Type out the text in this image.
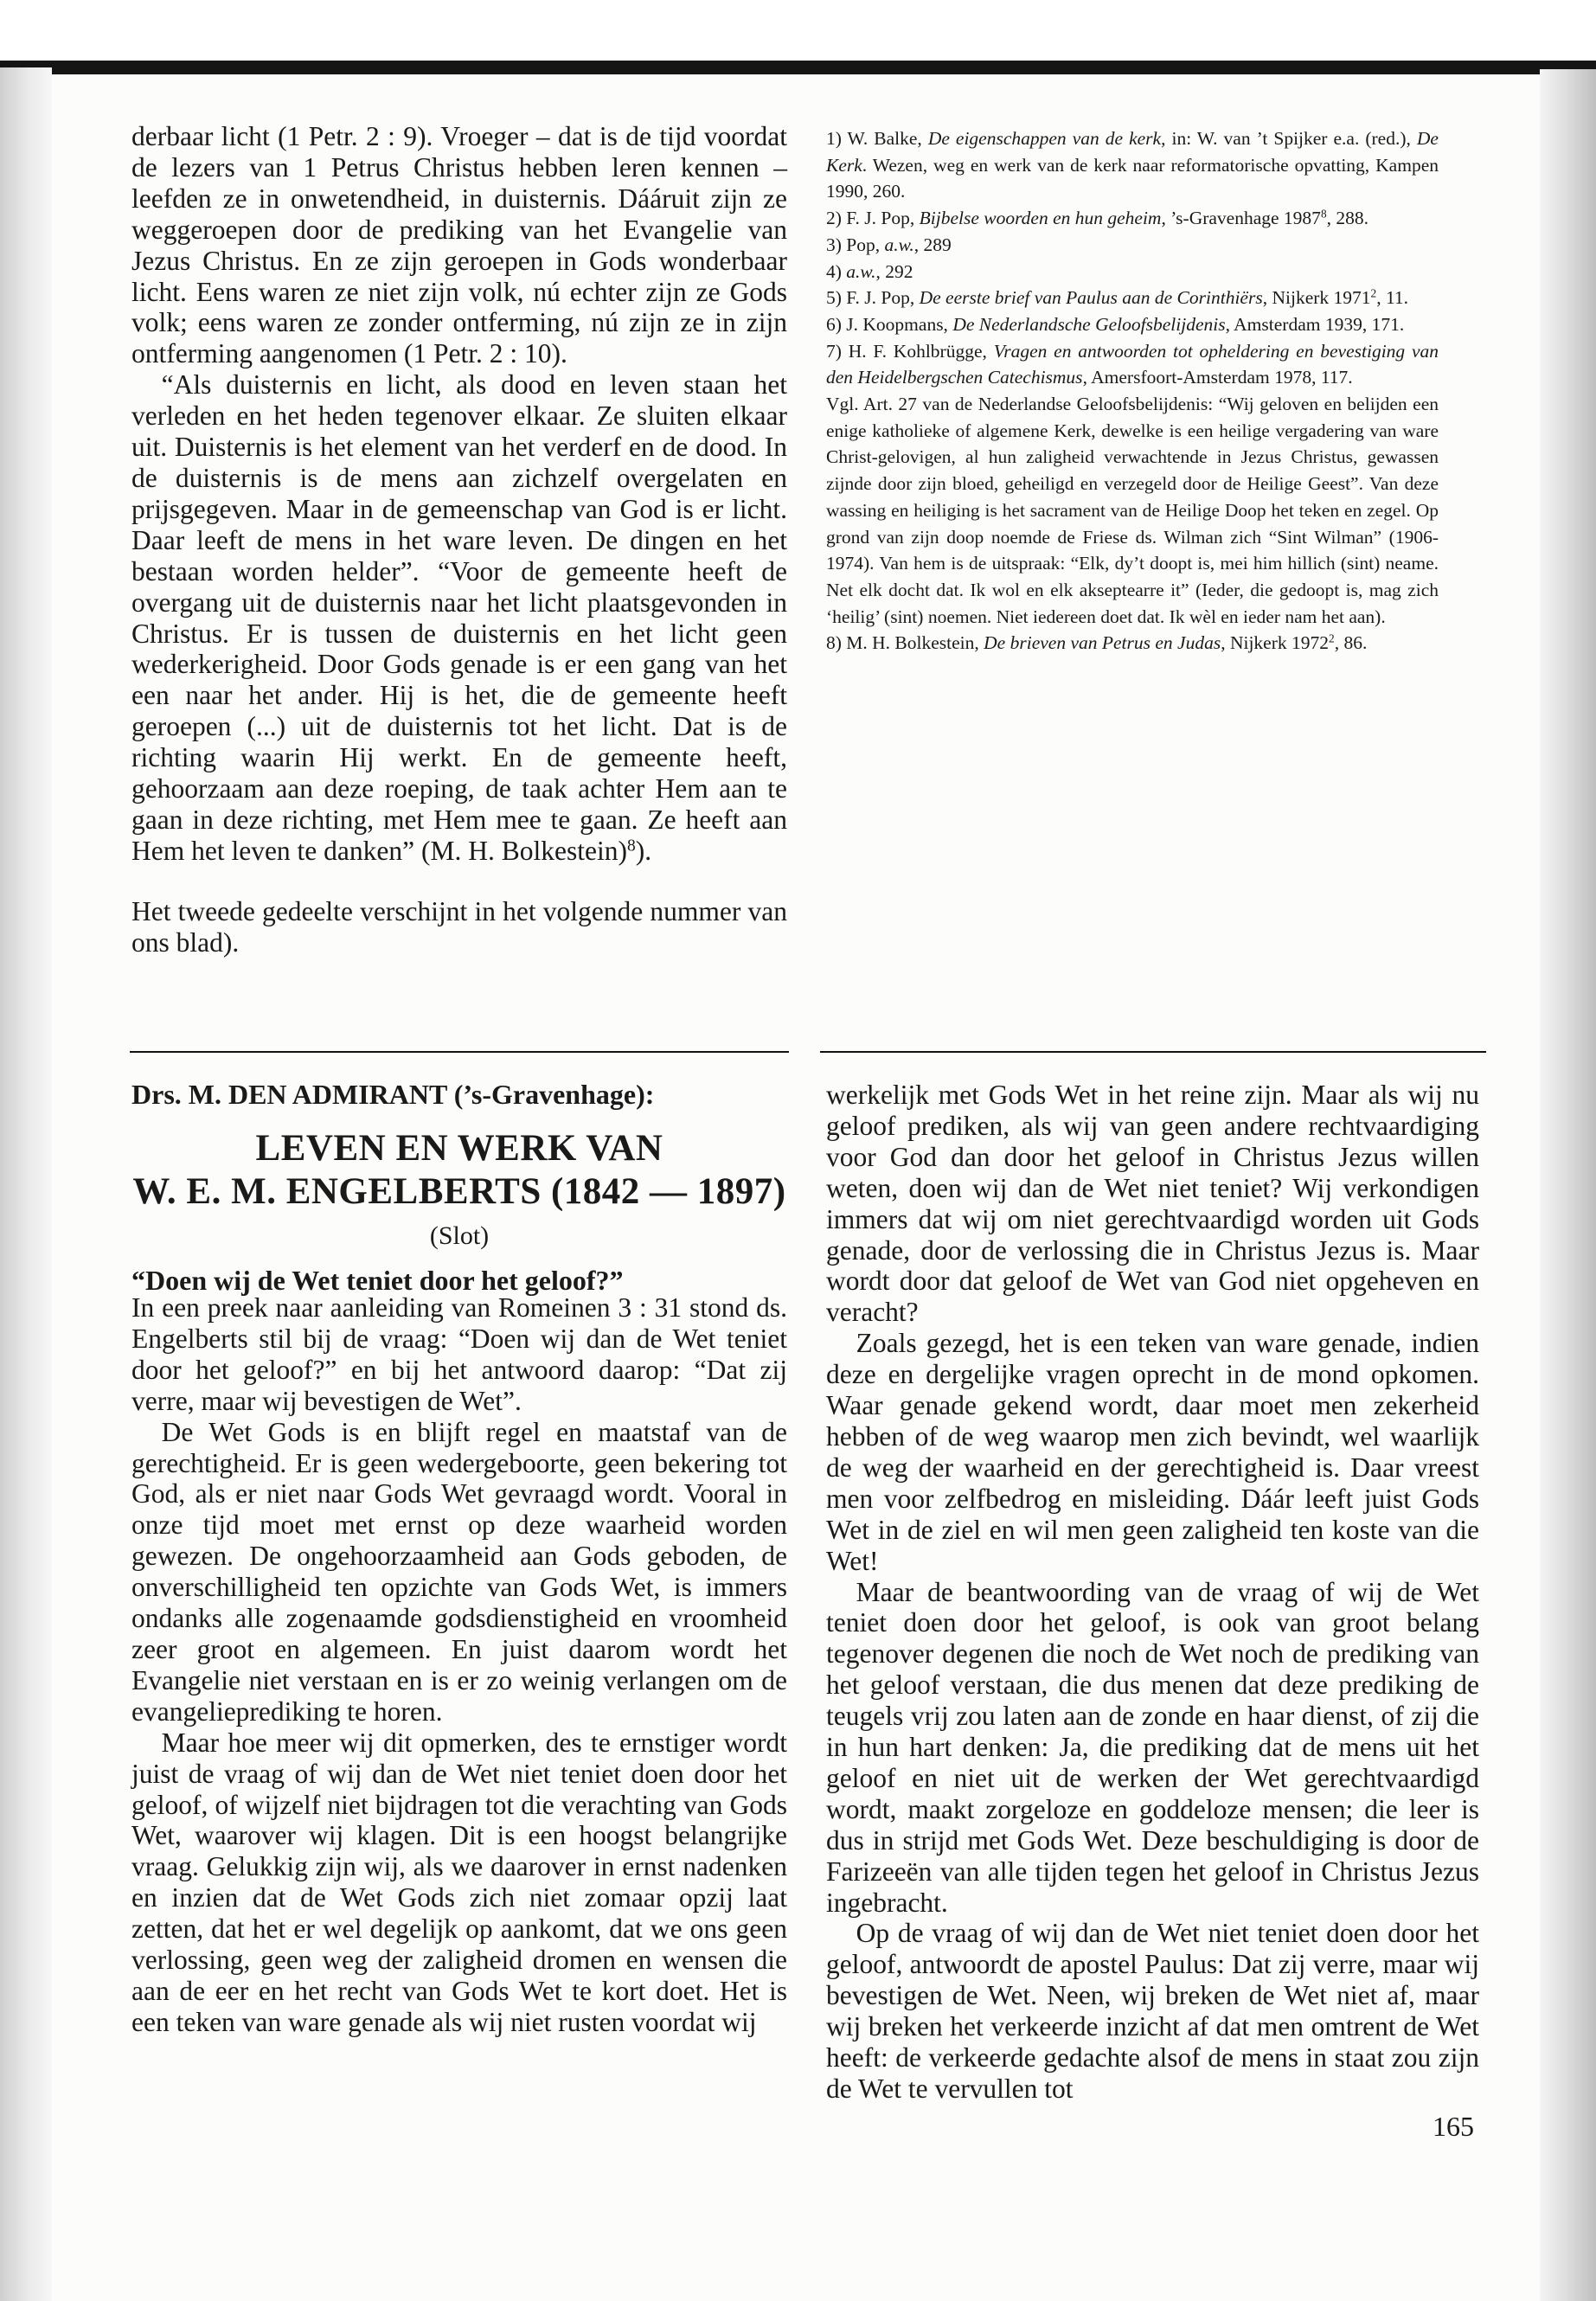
derbaar licht (1 Petr. 2 : 9). Vroeger – dat is de tijd voordat de lezers van 1 Petrus Christus hebben leren kennen – leefden ze in onwetendheid, in duisternis. Dááruit zijn ze weggeroepen door de prediking van het Evangelie van Jezus Christus. En ze zijn geroepen in Gods wonderbaar licht. Eens waren ze niet zijn volk, nú echter zijn ze Gods volk; eens waren ze zonder ontferming, nú zijn ze in zijn ontferming aangenomen (1 Petr. 2 : 10).

“Als duisternis en licht, als dood en leven staan het verleden en het heden tegenover elkaar. Ze sluiten elkaar uit. Duisternis is het element van het verderf en de dood. In de duisternis is de mens aan zichzelf overgelaten en prijsgegeven. Maar in de gemeenschap van God is er licht. Daar leeft de mens in het ware leven. De dingen en het bestaan worden helder”. “Voor de gemeente heeft de overgang uit de duisternis naar het licht plaatsgevonden in Christus. Er is tussen de duisternis en het licht geen wederkerigheid. Door Gods genade is er een gang van het een naar het ander. Hij is het, die de gemeente heeft geroepen (...) uit de duisternis tot het licht. Dat is de richting waarin Hij werkt. En de gemeente heeft, gehoorzaam aan deze roeping, de taak achter Hem aan te gaan in deze richting, met Hem mee te gaan. Ze heeft aan Hem het leven te danken” (M. H. Bolkestein)$^8$).

Het tweede gedeelte verschijnt in het volgende nummer van ons blad).

1) W. Balke, De eigenschappen van de kerk, in: W. van ’t Spijker e.a. (red.), De Kerk. Wezen, weg en werk van de kerk naar reformatorische opvatting, Kampen 1990, 260.

2) F. J. Pop, Bijbelse woorden en hun geheim, ’s-Gravenhage 1987$^8$, 288.

3) Pop, a.w., 289

4) a.w., 292

5) F. J. Pop, De eerste brief van Paulus aan de Corinthiërs, Nijkerk 1971$^2$, 11.

6) J. Koopmans, De Nederlandsche Geloofsbelijdenis, Amsterdam 1939, 171.

7) H. F. Kohlbrügge, Vragen en antwoorden tot opheldering en bevestiging van den Heidelbergschen Catechismus, Amersfoort-Amsterdam 1978, 117.

Vgl. Art. 27 van de Nederlandse Geloofsbelijdenis: “Wij geloven en belijden een enige katholieke of algemene Kerk, dewelke is een heilige vergadering van ware Christ-gelovigen, al hun zaligheid verwachtende in Jezus Christus, gewassen zijnde door zijn bloed, geheiligd en verzegeld door de Heilige Geest”. Van deze wassing en heiliging is het sacrament van de Heilige Doop het teken en zegel. Op grond van zijn doop noemde de Friese ds. Wilman zich “Sint Wilman” (1906-1974). Van hem is de uitspraak: “Elk, dy’t doopt is, mei him hillich (sint) neame. Net elk docht dat. Ik wol en elk akseptearre it” (Ieder, die gedoopt is, mag zich ‘heilig’ (sint) noemen. Niet iedereen doet dat. Ik wèl en ieder nam het aan).

8) M. H. Bolkestein, De brieven van Petrus en Judas, Nijkerk 1972$^2$, 86.

Drs. M. DEN ADMIRANT (’s-Gravenhage):

LEVEN EN WERK VAN

W. E. M. ENGELBERTS (1842 — 1897)

(Slot)

“Doen wij de Wet teniet door het geloof?”

In een preek naar aanleiding van Romeinen 3 : 31 stond ds. Engelberts stil bij de vraag: “Doen wij dan de Wet teniet door het geloof?” en bij het antwoord daarop: “Dat zij verre, maar wij bevestigen de Wet”.

De Wet Gods is en blijft regel en maatstaf van de gerechtigheid. Er is geen wedergeboorte, geen bekering tot God, als er niet naar Gods Wet gevraagd wordt. Vooral in onze tijd moet met ernst op deze waarheid worden gewezen. De ongehoorzaamheid aan Gods geboden, de onverschilligheid ten opzichte van Gods Wet, is immers ondanks alle zogenaamde godsdienstigheid en vroomheid zeer groot en algemeen. En juist daarom wordt het Evangelie niet verstaan en is er zo weinig verlangen om de evangelieprediking te horen.

Maar hoe meer wij dit opmerken, des te ernstiger wordt juist de vraag of wij dan de Wet niet teniet doen door het geloof, of wijzelf niet bijdragen tot die verachting van Gods Wet, waarover wij klagen. Dit is een hoogst belangrijke vraag. Gelukkig zijn wij, als we daarover in ernst nadenken en inzien dat de Wet Gods zich niet zomaar opzij laat zetten, dat het er wel degelijk op aankomt, dat we ons geen verlossing, geen weg der zaligheid dromen en wensen die aan de eer en het recht van Gods Wet te kort doet. Het is een teken van ware genade als wij niet rusten voordat wij

werkelijk met Gods Wet in het reine zijn. Maar als wij nu geloof prediken, als wij van geen andere rechtvaardiging voor God dan door het geloof in Christus Jezus willen weten, doen wij dan de Wet niet teniet? Wij verkondigen immers dat wij om niet gerechtvaardigd worden uit Gods genade, door de verlossing die in Christus Jezus is. Maar wordt door dat geloof de Wet van God niet opgeheven en veracht?

Zoals gezegd, het is een teken van ware genade, indien deze en dergelijke vragen oprecht in de mond opkomen. Waar genade gekend wordt, daar moet men zekerheid hebben of de weg waarop men zich bevindt, wel waarlijk de weg der waarheid en der gerechtigheid is. Daar vreest men voor zelfbedrog en misleiding. Dáár leeft juist Gods Wet in de ziel en wil men geen zaligheid ten koste van die Wet!

Maar de beantwoording van de vraag of wij de Wet teniet doen door het geloof, is ook van groot belang tegenover degenen die noch de Wet noch de prediking van het geloof verstaan, die dus menen dat deze prediking de teugels vrij zou laten aan de zonde en haar dienst, of zij die in hun hart denken: Ja, die prediking dat de mens uit het geloof en niet uit de werken der Wet gerechtvaardigd wordt, maakt zorgeloze en goddeloze mensen; die leer is dus in strijd met Gods Wet. Deze beschuldiging is door de Farizeeën van alle tijden tegen het geloof in Christus Jezus ingebracht.

Op de vraag of wij dan de Wet niet teniet doen door het geloof, antwoordt de apostel Paulus: Dat zij verre, maar wij bevestigen de Wet. Neen, wij breken de Wet niet af, maar wij breken het verkeerde inzicht af dat men omtrent de Wet heeft: de verkeerde gedachte alsof de mens in staat zou zijn de Wet te vervullen tot

165
